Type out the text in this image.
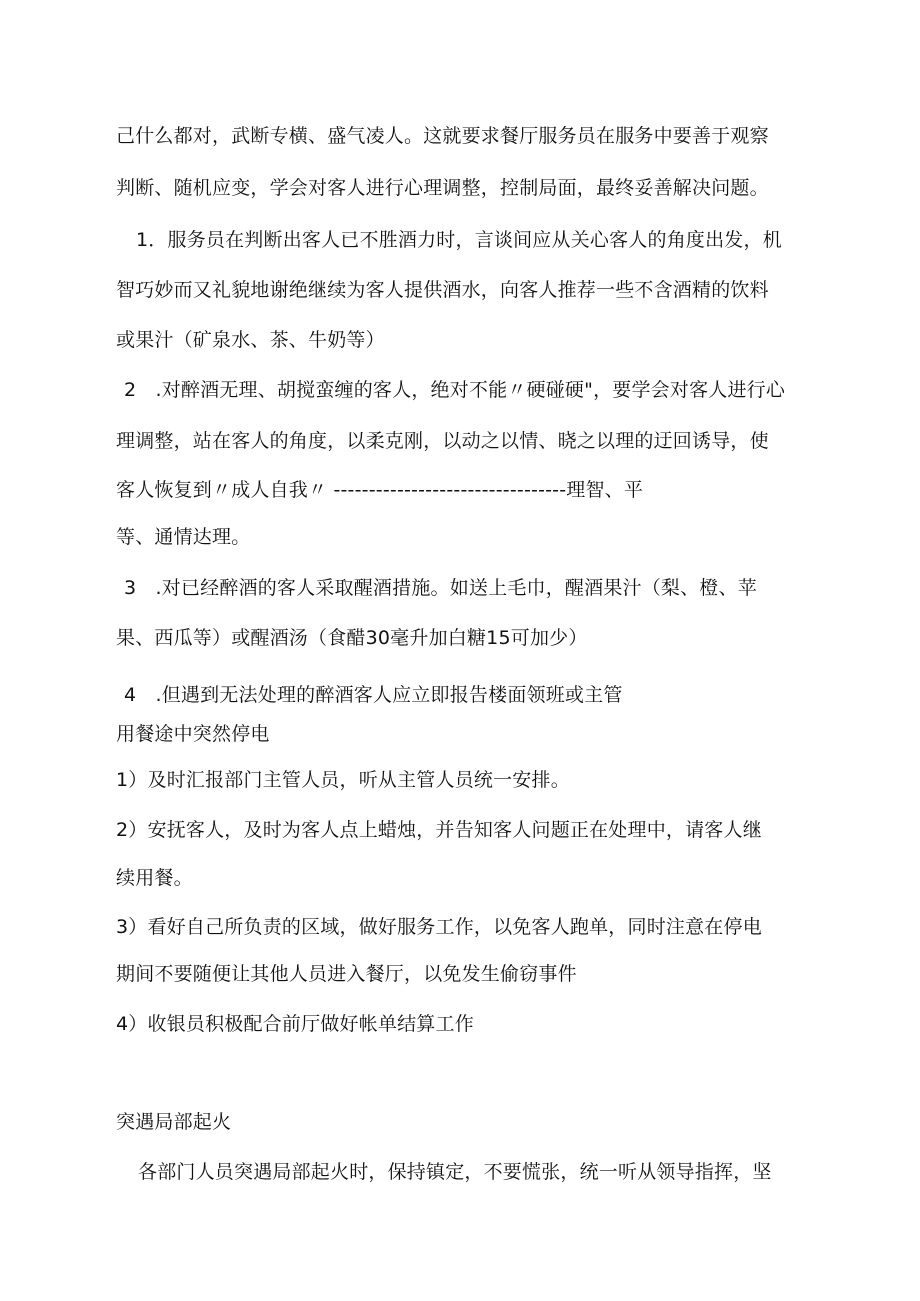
己什么都对，武断专横、盛气凌人。这就要求餐厅服务员在服务中要善于观察
判断、随机应变，学会对客人进行心理调整，控制局面，最终妥善解决问题。
1．服务员在判断出客人已不胜酒力时，言谈间应从关心客人的角度出发，机
智巧妙而又礼貌地谢绝继续为客人提供酒水，向客人推荐一些不含酒精的饮料
或果汁（矿泉水、茶、牛奶等）
2　.对醉酒无理、胡搅蛮缠的客人，绝对不能〃硬碰硬"，要学会对客人进行心
理调整，站在客人的角度，以柔克刚，以动之以情、晓之以理的迂回诱导，使
客人恢复到〃成人自我〃 ---------------------------------理智、平
等、通情达理。
3　.对已经醉酒的客人采取醒酒措施。如送上毛巾，醒酒果汁（梨、橙、苹
果、西瓜等）或醒酒汤（食醋30毫升加白糖15可加少）
4　.但遇到无法处理的醉酒客人应立即报告楼面领班或主管
用餐途中突然停电
1）及时汇报部门主管人员，听从主管人员统一安排。
2）安抚客人，及时为客人点上蜡烛，并告知客人问题正在处理中，请客人继
续用餐。
3）看好自己所负责的区域，做好服务工作，以免客人跑单，同时注意在停电
期间不要随便让其他人员进入餐厅，以免发生偷窃事件
4）收银员积极配合前厅做好帐单结算工作
突遇局部起火
各部门人员突遇局部起火时，保持镇定，不要慌张，统一听从领导指挥，坚
